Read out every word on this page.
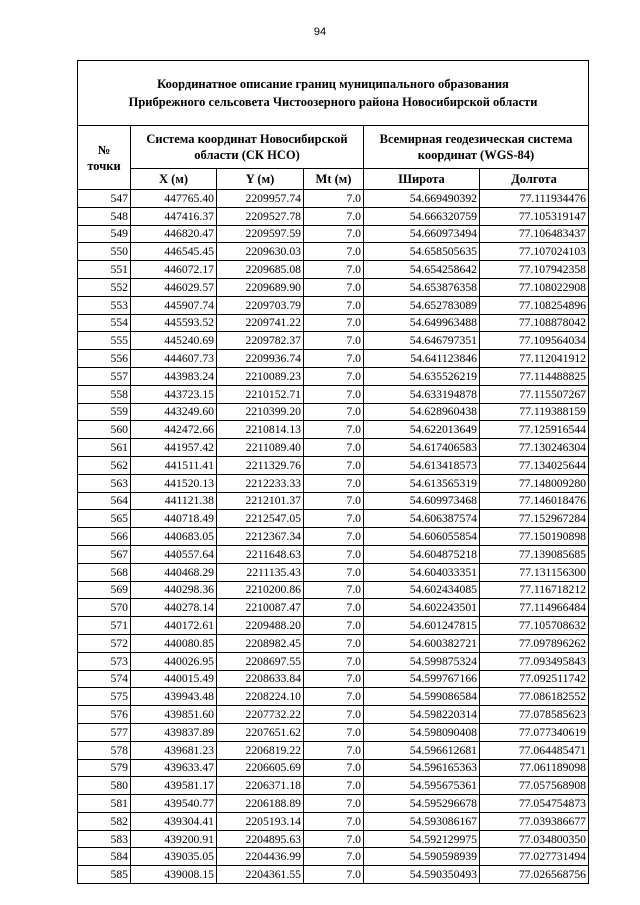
94
Координатное описание границ муниципального образования
Прибрежного сельсовета Чистоозерного района Новосибирской области					

№
точки	Система координат Новосибирской области (СК НСО)			Всемирная геодезическая система координат (WGS-84)	
	X (м)	Y (м)	Mt (м)	Широта	Долгота
547	447765.40	2209957.74	7.0	54.669490392	77.111934476
548	447416.37	2209527.78	7.0	54.666320759	77.105319147
549	446820.47	2209597.59	7.0	54.660973494	77.106483437
550	446545.45	2209630.03	7.0	54.658505635	77.107024103
551	446072.17	2209685.08	7.0	54.654258642	77.107942358
552	446029.57	2209689.90	7.0	54.653876358	77.108022908
553	445907.74	2209703.79	7.0	54.652783089	77.108254896
554	445593.52	2209741.22	7.0	54.649963488	77.108878042
555	445240.69	2209782.37	7.0	54.646797351	77.109564034
556	444607.73	2209936.74	7.0	54.641123846	77.112041912
557	443983.24	2210089.23	7.0	54.635526219	77.114488825
558	443723.15	2210152.71	7.0	54.633194878	77.115507267
559	443249.60	2210399.20	7.0	54.628960438	77.119388159
560	442472.66	2210814.13	7.0	54.622013649	77.125916544
561	441957.42	2211089.40	7.0	54.617406583	77.130246304
562	441511.41	2211329.76	7.0	54.613418573	77.134025644
563	441520.13	2212233.33	7.0	54.613565319	77.148009280
564	441121.38	2212101.37	7.0	54.609973468	77.146018476
565	440718.49	2212547.05	7.0	54.606387574	77.152967284
566	440683.05	2212367.34	7.0	54.606055854	77.150190898
567	440557.64	2211648.63	7.0	54.604875218	77.139085685
568	440468.29	2211135.43	7.0	54.604033351	77.131156300
569	440298.36	2210200.86	7.0	54.602434085	77.116718212
570	440278.14	2210087.47	7.0	54.602243501	77.114966484
571	440172.61	2209488.20	7.0	54.601247815	77.105708632
572	440080.85	2208982.45	7.0	54.600382721	77.097896262
573	440026.95	2208697.55	7.0	54.599875324	77.093495843
574	440015.49	2208633.84	7.0	54.599767166	77.092511742
575	439943.48	2208224.10	7.0	54.599086584	77.086182552
576	439851.60	2207732.22	7.0	54.598220314	77.078585623
577	439837.89	2207651.62	7.0	54.598090408	77.077340619
578	439681.23	2206819.22	7.0	54.596612681	77.064485471
579	439633.47	2206605.69	7.0	54.596165363	77.061189098
580	439581.17	2206371.18	7.0	54.595675361	77.057568908
581	439540.77	2206188.89	7.0	54.595296678	77.054754873
582	439304.41	2205193.14	7.0	54.593086167	77.039386677
583	439200.91	2204895.63	7.0	54.592129975	77.034800350
584	439035.05	2204436.99	7.0	54.590598939	77.027731494
585	439008.15	2204361.55	7.0	54.590350493	77.026568756
